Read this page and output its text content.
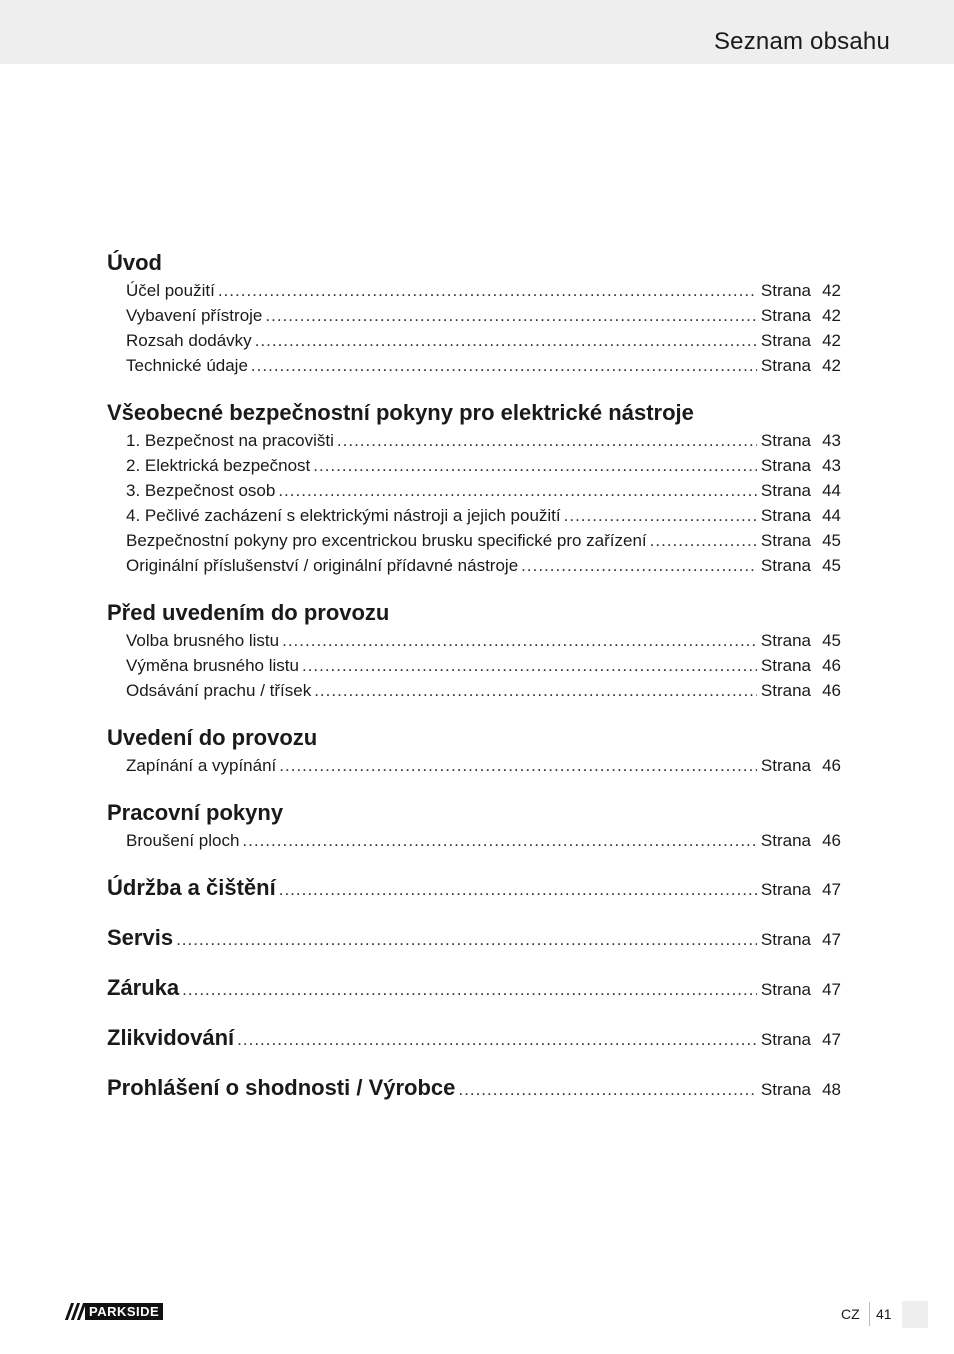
Seznam obsahu
Úvod
Účel použití .....	Strana 42
Vybavení přístroje .....	Strana 42
Rozsah dodávky .....	Strana 42
Technické údaje .....	Strana 42
Všeobecné bezpečnostní pokyny pro elektrické nástroje
1. Bezpečnost na pracovišti .....	Strana 43
2. Elektrická bezpečnost .....	Strana 43
3. Bezpečnost osob .....	Strana 44
4. Pečlivé zacházení s elektrickými nástroji a jejich použití .....	Strana 44
Bezpečnostní pokyny pro excentrickou brusku specifické pro zařízení .....	Strana 45
Originální příslušenství / originální přídavné nástroje .....	Strana 45
Před uvedením do provozu
Volba brusného listu .....	Strana 45
Výměna brusného listu .....	Strana 46
Odsávání prachu / třísek .....	Strana 46
Uvedení do provozu
Zapínání a vypínání .....	Strana 46
Pracovní pokyny
Broušení ploch .....	Strana 46
Údržba a čištění .....	Strana 47
Servis .....	Strana 47
Záruka .....	Strana 47
Zlikvidování .....	Strana 47
Prohlášení o shodnosti / Výrobce .....	Strana 48
PARKSIDE	CZ 41
